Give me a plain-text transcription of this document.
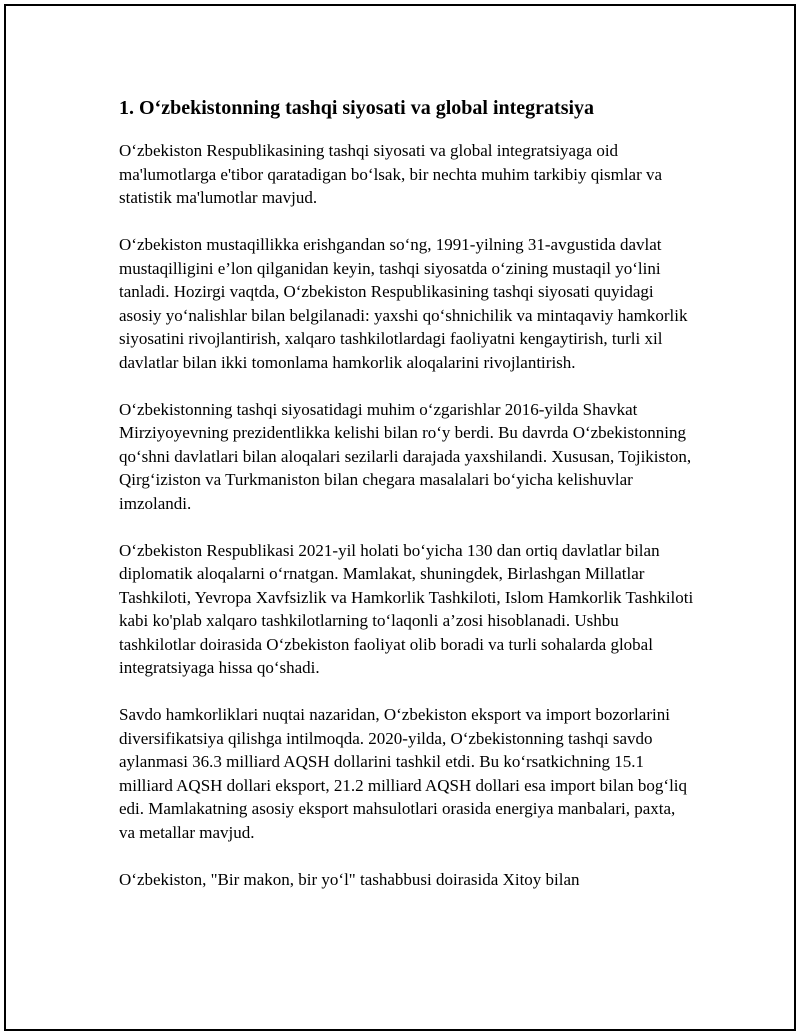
1. O‘zbekistonning tashqi siyosati va global integratsiya

O‘zbekiston Respublikasining tashqi siyosati va global integratsiyaga oid ma'lumotlarga e'tibor qaratadigan bo‘lsak, bir nechta muhim tarkibiy qismlar va statistik ma'lumotlar mavjud.

O‘zbekiston mustaqillikka erishgandan so‘ng, 1991-yilning 31-avgustida davlat mustaqilligini e’lon qilganidan keyin, tashqi siyosatda o‘zining mustaqil yo‘lini tanladi. Hozirgi vaqtda, O‘zbekiston Respublikasining tashqi siyosati quyidagi asosiy yo‘nalishlar bilan belgilanadi: yaxshi qo‘shnichilik va mintaqaviy hamkorlik siyosatini rivojlantirish, xalqaro tashkilotlardagi faoliyatni kengaytirish, turli xil davlatlar bilan ikki tomonlama hamkorlik aloqalarini rivojlantirish.

O‘zbekistonning tashqi siyosatidagi muhim o‘zgarishlar 2016-yilda Shavkat Mirziyoyevning prezidentlikka kelishi bilan ro‘y berdi. Bu davrda O‘zbekistonning qo‘shni davlatlari bilan aloqalari sezilarli darajada yaxshilandi. Xususan, Tojikiston, Qirg‘iziston va Turkmaniston bilan chegara masalalari bo‘yicha kelishuvlar imzolandi.

O‘zbekiston Respublikasi 2021-yil holati bo‘yicha 130 dan ortiq davlatlar bilan diplomatik aloqalarni o‘rnatgan. Mamlakat, shuningdek, Birlashgan Millatlar Tashkiloti, Yevropa Xavfsizlik va Hamkorlik Tashkiloti, Islom Hamkorlik Tashkiloti kabi ko'plab xalqaro tashkilotlarning to‘laqonli a’zosi hisoblanadi. Ushbu tashkilotlar doirasida O‘zbekiston faoliyat olib boradi va turli sohalarda global integratsiyaga hissa qo‘shadi.

Savdo hamkorliklari nuqtai nazaridan, O‘zbekiston eksport va import bozorlarini diversifikatsiya qilishga intilmoqda. 2020-yilda, O‘zbekistonning tashqi savdo aylanmasi 36.3 milliard AQSH dollarini tashkil etdi. Bu ko‘rsatkichning 15.1 milliard AQSH dollari eksport, 21.2 milliard AQSH dollari esa import bilan bog‘liq edi. Mamlakatning asosiy eksport mahsulotlari orasida energiya manbalari, paxta, va metallar mavjud.

O‘zbekiston, "Bir makon, bir yo‘l" tashabbusi doirasida Xitoy bilan
